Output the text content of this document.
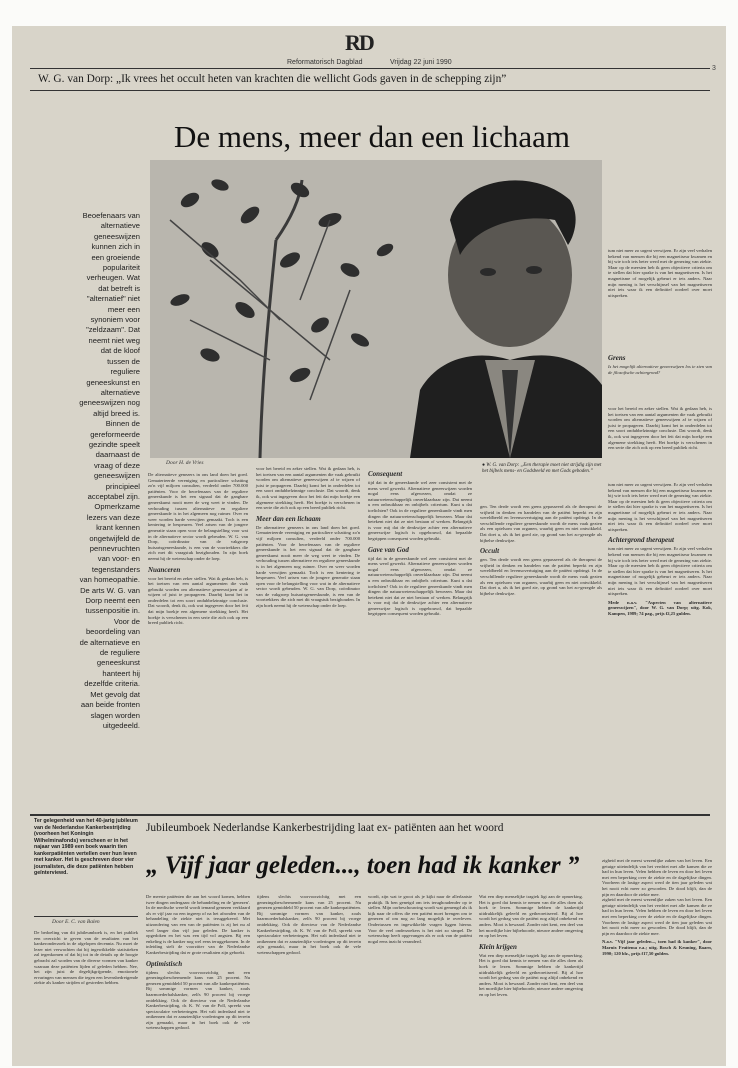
RD
Reformatorisch Dagblad	Vrijdag 22 juni 1990
3
W. G. van Dorp: „Ik vrees het occult heten van krachten die wellicht Gods gaven in de schepping zijn”
De mens, meer dan een lichaam
Beoefenaars van alternatieve geneeswijzen kunnen zich in een groeiende populariteit verheugen. Wat dat betreft is "alternatief" niet meer een synoniem voor "zeldzaam". Dat neemt niet weg dat de kloof tussen de reguliere geneeskunst en alternatieve geneeswijzen nog altijd breed is. Binnen de gereformeerde gezindte speelt daarnaast de vraag of deze geneeswijzen principieel acceptabel zijn. Opmerkzame lezers van deze krant kennen ongetwijfeld de pennevruchten van voor- en tegenstanders van homeopathie. De arts W. G. van Dorp neemt een tussenpositie in. Voor de beoordeling van de alternatieve en de reguliere geneeskunst hanteert hij dezelfde criteria. Met gevolg dat aan beide fronten slagen worden uitgedeeld.
tum niet meer zo urgent verwijzen. Er zijn veel verhalen bekend van mensen die bij een magnetiseur kwamen en bij wie toch iets beter werd met de genezing van ziekte. Maar op de meesten heb ik geen objectieve criteria om te stellen dat hier sprake is van het magnetiseren. Is het magnetisme of mogelijk gebeurt er iets anders. Naar mijn mening is het verschijnsel van het magnetiseren niet iets waar ik een definitief oordeel over moet uitspreken.
Grens
Is het mogelijk alternatieve geneeswijzen los te zien van de filosofische achtergrond?
voor het bereid en zeker stellen. Wat ik gedaan heb, is het toetsen van een aantal argumenten die vaak gebruikt worden om alternatieve geneeswijzen af te wijzen of juist te propageren. Daarbij komt het in onderdelen tot een soort ondubbelzinnige conclusie. Dat woordt, denk ik, ook wat ingegeven door het feit dat mijn boekje een algemene strekking heeft. Het boekje is verschenen in een serie die zich ook op een breed publiek richt.
Door H. de Vries	● W. G. van Dorp: „Een therapie moet niet strijdig zijn met het bijbels mens- en Godsbeeld en met Gods geboden.”
De alternatieve genezers in ons land doen het goed. Gematerieerde vereniging en particuliere schatting zo'n vijf miljoen consulten, verdeeld onder 700.000 patiënten. Voor de beoefenaars van de reguliere geneeskunde is het een signaal dat de gangbare geneeskunst nooit meer de weg weet te vinden. De verhouding tussen alternatieve en reguliere geneeskunde is in het algemeen nog ruimer. Over en weer worden harde verwijten gemaakt. Toch is een kentering te bespeuren. Veel artsen van de jongere generatie staan open voor de belangstelling voor wat in de alternatieve sector wordt gebeuden. W. G. van Dorp, coördinator van de vakgroep huisartsgeneeskunde, is een van de voortrekkers die zich met dit vraagstuk bezighouden. In zijn boek neemt hij de wetenschap onder de loep.
Nuanceren
voor het bereid en zeker stellen. Wat ik gedaan heb, is het toetsen van een aantal argumenten die vaak gebruikt worden om alternatieve geneeswijzen af te wijzen of juist te propageren. Daarbij komt het in onderdelen tot een soort ondubbelzinnige conclusie. Dat woordt, denk ik, ook wat ingegeven door het feit dat mijn boekje een algemene strekking heeft. Het boekje is verschenen in een serie die zich ook op een breed publiek richt.
voor het bereid en zeker stellen. Wat ik gedaan heb, is het toetsen van een aantal argumenten die vaak gebruikt worden om alternatieve geneeswijzen af te wijzen of juist te propageren. Daarbij komt het in onderdelen tot een soort ondubbelzinnige conclusie. Dat woordt, denk ik, ook wat ingegeven door het feit dat mijn boekje een algemene strekking heeft. Het boekje is verschenen in een serie die zich ook op een breed publiek richt.
Meer dan een lichaam
De alternatieve genezers in ons land doen het goed. Gematerieerde vereniging en particuliere schatting zo'n vijf miljoen consulten, verdeeld onder 700.000 patiënten. Voor de beoefenaars van de reguliere geneeskunde is het een signaal dat de gangbare geneeskunst nooit meer de weg weet te vinden. De verhouding tussen alternatieve en reguliere geneeskunde is in het algemeen nog ruimer. Over en weer worden harde verwijten gemaakt. Toch is een kentering te bespeuren. Veel artsen van de jongere generatie staan open voor de belangstelling voor wat in de alternatieve sector wordt gebeuden. W. G. van Dorp, coördinator van de vakgroep huisartsgeneeskunde, is een van de voortrekkers die zich met dit vraagstuk bezighouden. In zijn boek neemt hij de wetenschap onder de loep.
Consequent
tijd dat in de geneeskunde wel zeer consistent met de mens werd gewerkt. Alternatieve geneeswijzen worden nogal eens afgewezen, omdat ze natuurwetenschappelijk onverklaarbaar zijn. Dat neemt u een onbruikbaar en onbijbels criterium. Kunt u dat toelichten? Ook in de reguliere geneeskunde vindt men dingen die natuurwetenschappelijk bewezen. Maar dat betekent niet dat ze niet bestaan of werken. Belangrijk is voor mij dat de denkwijze achter een alternatieve geneeswijze logisch is opgebouwd, dat bepaalde begrippen consequent worden gebruikt.
Gave van God
tijd dat in de geneeskunde wel zeer consistent met de mens werd gewerkt. Alternatieve geneeswijzen worden nogal eens afgewezen, omdat ze natuurwetenschappelijk onverklaarbaar zijn. Dat neemt u een onbruikbaar en onbijbels criterium. Kunt u dat toelichten? Ook in de reguliere geneeskunde vindt men dingen die natuurwetenschappelijk bewezen. Maar dat betekent niet dat ze niet bestaan of werken. Belangrijk is voor mij dat de denkwijze achter een alternatieve geneeswijze logisch is opgebouwd, dat bepaalde begrippen consequent worden gebruikt.
gen. Ten derde wordt een grens gepasseerd als de therapeut de vrijheid in denken en handelen van de patiënt beperkt en zijn wereldbeeld en levensovertuiging aan de patiënt opdringt. In de verschillende reguliere geneeskunde wordt de mens vaak gezien als een optelsom van organen, waarbij geen en niet ontwikkeld. Dat doet u, als ik het goed zie, op grond van het zo-gezegde als bijbelse denkwijze.
Occult
gen. Ten derde wordt een grens gepasseerd als de therapeut de vrijheid in denken en handelen van de patiënt beperkt en zijn wereldbeeld en levensovertuiging aan de patiënt opdringt. In de verschillende reguliere geneeskunde wordt de mens vaak gezien als een optelsom van organen, waarbij geen en niet ontwikkeld. Dat doet u, als ik het goed zie, op grond van het zo-gezegde als bijbelse denkwijze.
tum niet meer zo urgent verwijzen. Er zijn veel verhalen bekend van mensen die bij een magnetiseur kwamen en bij wie toch iets beter werd met de genezing van ziekte. Maar op de meesten heb ik geen objectieve criteria om te stellen dat hier sprake is van het magnetiseren. Is het magnetisme of mogelijk gebeurt er iets anders. Naar mijn mening is het verschijnsel van het magnetiseren niet iets waar ik een definitief oordeel over moet uitspreken.
Achtergrond therapeut
tum niet meer zo urgent verwijzen. Er zijn veel verhalen bekend van mensen die bij een magnetiseur kwamen en bij wie toch iets beter werd met de genezing van ziekte. Maar op de meesten heb ik geen objectieve criteria om te stellen dat hier sprake is van het magnetiseren. Is het magnetisme of mogelijk gebeurt er iets anders. Naar mijn mening is het verschijnsel van het magnetiseren niet iets waar ik een definitief oordeel over moet uitspreken.
Mede n.a.v. "Aspecten van alternatieve geneeswijzen", door W. G. van Dorp; uitg. Kok, Kampen, 1989; 74 pag., prijs f2,25 gulden.
Ter gelegenheid van het 40-jarig jubileum van de Nederlandse Kankerbestrijding (voorheen het Koningin Wilhelminafonds) verscheen er in het najaar van 1989 een boek waarin tien kankerpatiënten vertellen over hun leven met kanker. Het is geschreven door vier journalisten, die deze patiënten hebben geïnterviewd.
Door E. C. van Balen
De bedoeling van dit jubileumboek is, en het publiek een overzicht te geven van de resultaten van het kankeronderzoek in de afgelopen decennia. Nu moet de lezer niet verwachten dat hij ingewikkelde statistieken zal tegenkomen of dat hij tot in de details op de hoogte gebracht zal worden van de diverse vormen van kanker waaraan deze patiënten lijden of geleden hebben. Nee, het zijn juist de degelijkgrijpende, emotionele ervaringen van mensen die tegen een levensbedreigende ziekte als kanker strijden of gestreden hebben.
Jubileumboek Nederlandse Kankerbestrijding laat ex- patiënten aan het woord
„ Vijf jaar geleden..., toen had ik kanker ”
De meeste patiënten die aan het woord komen, hebben twee dingen ondergaan: de behandeling en de 'genezen'. In de medische wereld wordt iemand genezen verklaard als er vijf jaar na een ingreep of na het afronden van de behandeling de ziekte niet is teruggekeerd. Met uitzondering van een van de patiënten is zij het nu al veel langer dan vijf jaar geleden. De kanker is opgedoken en het was een tijd vol angsten. Bij een enkeling is de kanker nog wel eens teruggekomen. In de inleiding stelt de voorzitter van de Nederlandse Kankerbestrijding dat er grote resultaten zijn geboekt.
Optimistisch
tijdens slechts voorvoorzichtig met een genezingsbeschermende kans van 25 procent. Nu genezen gemiddeld 50 procent van alle kankerpatiënten. Bij sommige vormen van kanker, zoals baarmoederhalskanker, zelfs 90 procent bij vroege ontdekking. Ook de directeur van de Nederlandse Kankerbestrijding, dr. K. W. van de Poll, spreekt van spectaculaire verbeteringen. Het valt inderdaad niet te ontkennen dat er aanzienlijke vorderingen op dit terrein zijn gemaakt, maar in het boek ook de vele wetenschappen gedood.
tijdens slechts voorvoorzichtig met een genezingsbeschermende kans van 25 procent. Nu genezen gemiddeld 50 procent van alle kankerpatiënten. Bij sommige vormen van kanker, zoals baarmoederhalskanker, zelfs 90 procent bij vroege ontdekking. Ook de directeur van de Nederlandse Kankerbestrijding, dr. K. W. van de Poll, spreekt van spectaculaire verbeteringen. Het valt inderdaad niet te ontkennen dat er aanzienlijke vorderingen op dit terrein zijn gemaakt, maar in het boek ook de vele wetenschappen gedood.
wordt, zijn wat te groot als je kijkt naar de allerlaatste praktijk. Ik ben geneigd om iets terughoudender op te stellen. Mijn oorbeschouwing wordt wat gemengd als ik kijk naar de offers die een patiënt moet brengen om te genezen of om nog zo lang mogelijk te overleven. Ondertussen en ingewikkelde vragen liggen hierna. Voor de veel onderzoekers is het niet zo simpel. De wetenschap heeft opgevangen als er ook van de patiënt nogal eens inzicht veranderd.
Wat een diep menselijke tragiek ligt aan de opmerking. Het is goed dat kennis te nemen van die alles doen als hoek te lezen. Sommige hebben de kankertijd uitdrukkelijk geleefd en getheoretiseerd. Bij al hoe wordt het gedrag van de patiënt nog altijd onbekend en anders. Mooi is bewaard. Zonder niet kent, een deel van het moeilijke hier bijbehoorde, nieuwe andere omgeving en op het leven.
Klein krijgen
Wat een diep menselijke tragiek ligt aan de opmerking. Het is goed dat kennis te nemen van die alles doen als hoek te lezen. Sommige hebben de kankertijd uitdrukkelijk geleefd en getheoretiseerd. Bij al hoe wordt het gedrag van de patiënt nog altijd onbekend en anders. Mooi is bewaard. Zonder niet kent, een deel van het moeilijke hier bijbehoorde, nieuwe andere omgeving en op het leven.
zigheid met de meest wezenlijke zaken van het leven. Een getuige uiteindelijk van het verdriet met alle kansen die ze had in hun leven. Velen hebben de leven en door het leven met een beperking over de ziekte en de dagelijkse dingen. Voorheen de lastige aspect werd de tien jaar geleden wat het nooit echt meer zo geworden. De dood blijft, dan de pijn en daardoor de ziekte mee.
zigheid met de meest wezenlijke zaken van het leven. Een getuige uiteindelijk van het verdriet met alle kansen die ze had in hun leven. Velen hebben de leven en door het leven met een beperking over de ziekte en de dagelijkse dingen. Voorheen de lastige aspect werd de tien jaar geleden wat het nooit echt meer zo geworden. De dood blijft, dan de pijn en daardoor de ziekte mee.
N.a.v. "Vijf jaar geleden..., toen had ik kanker", door Marnix Fruitema e.a.; uitg. Bosch & Keuning, Baarn, 1990; 120 blz., prijs f17,50 gulden.
